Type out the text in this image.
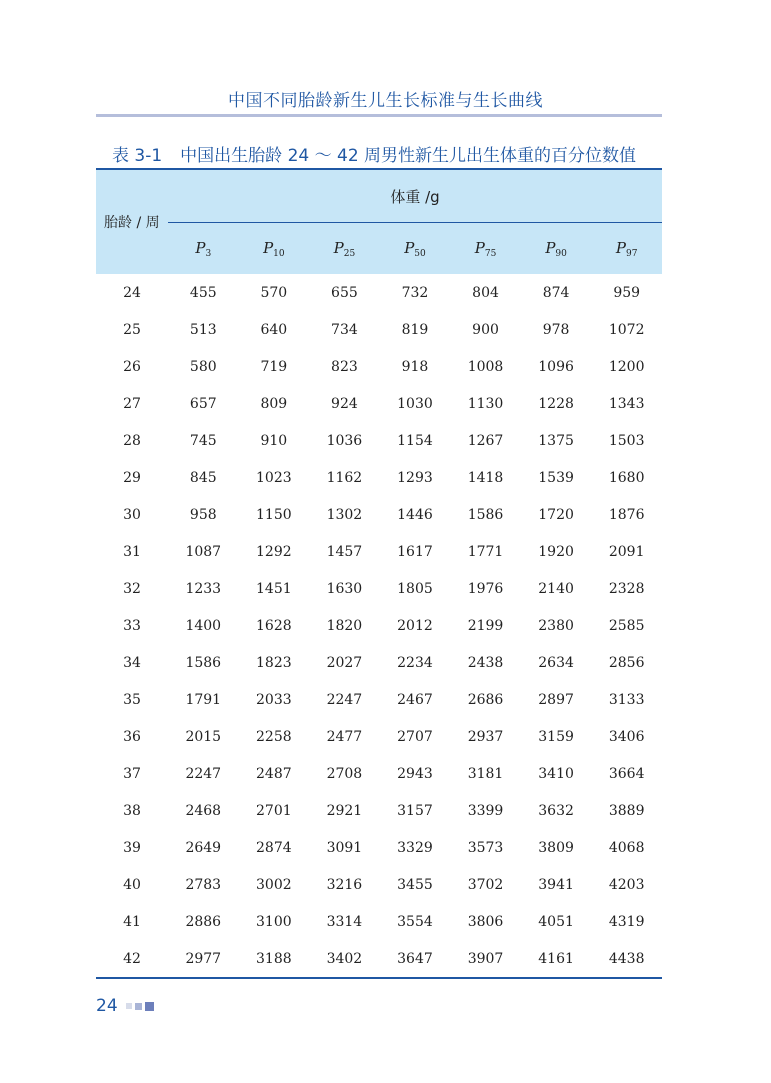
中国不同胎龄新生儿生长标准与生长曲线
表 3-1 中国出生胎龄 24 ～ 42 周男性新生儿出生体重的百分位数值
胎龄 / 周	体重 /g						
	$P_3$	$P_{10}$	$P_{25}$	$P_{50}$	$P_{75}$	$P_{90}$	$P_{97}$
24	455	570	655	732	804	874	959
25	513	640	734	819	900	978	1072
26	580	719	823	918	1008	1096	1200
27	657	809	924	1030	1130	1228	1343
28	745	910	1036	1154	1267	1375	1503
29	845	1023	1162	1293	1418	1539	1680
30	958	1150	1302	1446	1586	1720	1876
31	1087	1292	1457	1617	1771	1920	2091
32	1233	1451	1630	1805	1976	2140	2328
33	1400	1628	1820	2012	2199	2380	2585
34	1586	1823	2027	2234	2438	2634	2856
35	1791	2033	2247	2467	2686	2897	3133
36	2015	2258	2477	2707	2937	3159	3406
37	2247	2487	2708	2943	3181	3410	3664
38	2468	2701	2921	3157	3399	3632	3889
39	2649	2874	3091	3329	3573	3809	4068
40	2783	3002	3216	3455	3702	3941	4203
41	2886	3100	3314	3554	3806	4051	4319
42	2977	3188	3402	3647	3907	4161	4438
24
